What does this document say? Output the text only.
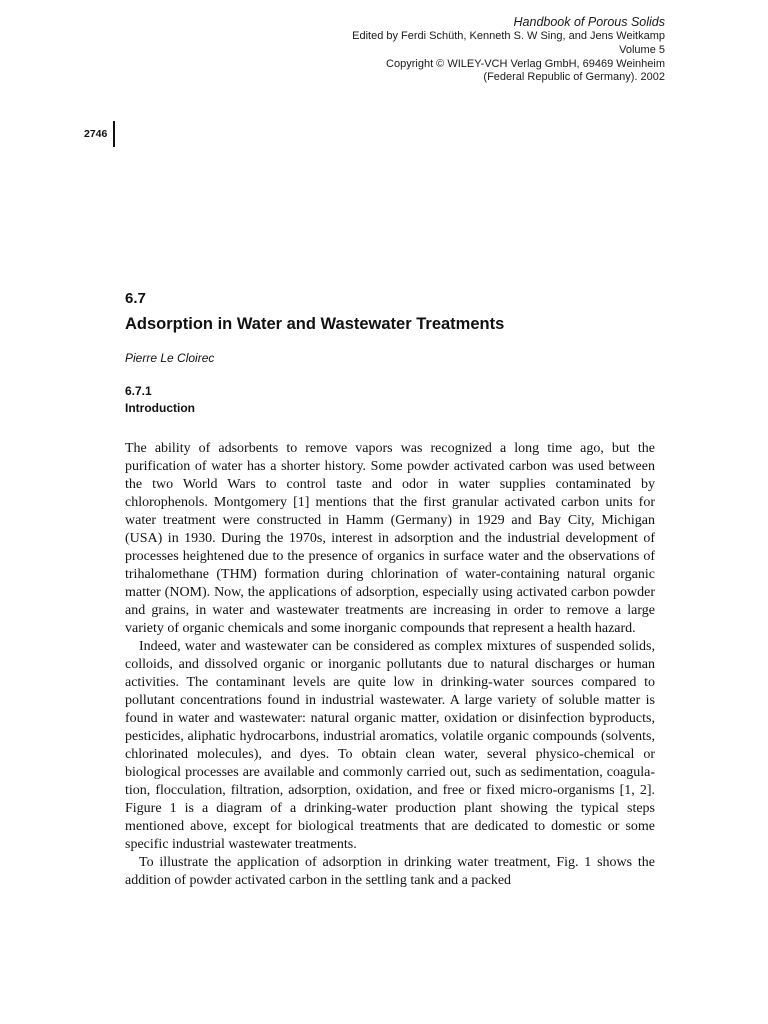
Handbook of Porous Solids
Edited by Ferdi Schüth, Kenneth S. W Sing, and Jens Weitkamp
Volume 5
Copyright © WILEY-VCH Verlag GmbH, 69469 Weinheim
(Federal Republic of Germany). 2002
2746
6.7
Adsorption in Water and Wastewater Treatments
Pierre Le Cloirec
6.7.1
Introduction

The ability of adsorbents to remove vapors was recognized a long time ago, but the purification of water has a shorter history. Some powder activated carbon was used between the two World Wars to control taste and odor in water supplies contaminated by chlorophenols. Montgomery [1] mentions that the first granular activated carbon units for water treatment were constructed in Hamm (Germany) in 1929 and Bay City, Michigan (USA) in 1930. During the 1970s, interest in adsorption and the industrial development of processes heightened due to the presence of organics in surface water and the observations of trihalomethane (THM) formation during chlorination of water-containing natural organic matter (NOM). Now, the applications of adsorption, especially using activated carbon powder and grains, in water and wastewater treatments are increasing in order to remove a large variety of organic chemicals and some inorganic compounds that represent a health hazard.

Indeed, water and wastewater can be considered as complex mixtures of suspended solids, colloids, and dissolved organic or inorganic pollutants due to natural discharges or human activities. The contaminant levels are quite low in drinking-water sources compared to pollutant concentrations found in industrial wastewater. A large variety of soluble matter is found in water and wastewater: natural organic matter, oxidation or disinfection byproducts, pesticides, aliphatic hydrocarbons, industrial aromatics, volatile organic compounds (solvents, chlorinated molecules), and dyes. To obtain clean water, several physico-chemical or biological processes are available and commonly carried out, such as sedimentation, coagulation, flocculation, filtration, adsorption, oxidation, and free or fixed micro-organisms [1, 2]. Figure 1 is a diagram of a drinking-water production plant showing the typical steps mentioned above, except for biological treatments that are dedicated to domestic or some specific industrial wastewater treatments.

To illustrate the application of adsorption in drinking water treatment, Fig. 1 shows the addition of powder activated carbon in the settling tank and a packed
